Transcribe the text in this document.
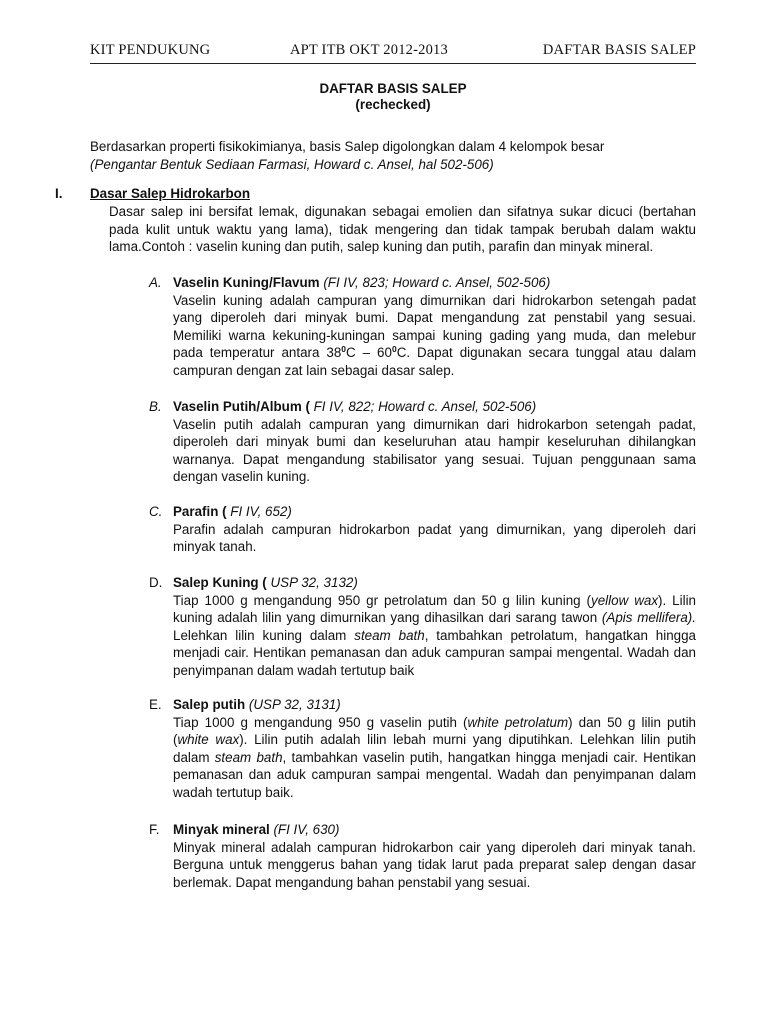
KIT PENDUKUNG	APT ITB OKT 2012-2013	DAFTAR BASIS SALEP
DAFTAR BASIS SALEP
(rechecked)
Berdasarkan properti fisikokimianya, basis Salep digolongkan dalam 4 kelompok besar
(Pengantar Bentuk Sediaan Farmasi, Howard c. Ansel, hal 502-506)
I. Dasar Salep Hidrokarbon
Dasar salep ini bersifat lemak, digunakan sebagai emolien dan sifatnya sukar dicuci (bertahan pada kulit untuk waktu yang lama), tidak mengering dan tidak tampak berubah dalam waktu lama.Contoh : vaselin kuning dan putih, salep kuning dan putih, parafin dan minyak mineral.
A. Vaselin Kuning/Flavum (FI IV, 823; Howard c. Ansel, 502-506)
Vaselin kuning adalah campuran yang dimurnikan dari hidrokarbon setengah padat yang diperoleh dari minyak bumi. Dapat mengandung zat penstabil yang sesuai. Memiliki warna kekuning-kuningan sampai kuning gading yang muda, dan melebur pada temperatur antara $38^0C - 60^0C$. Dapat digunakan secara tunggal atau dalam campuran dengan zat lain sebagai dasar salep.
B. Vaselin Putih/Album ( FI IV, 822; Howard c. Ansel, 502-506)
Vaselin putih adalah campuran yang dimurnikan dari hidrokarbon setengah padat, diperoleh dari minyak bumi dan keseluruhan atau hampir keseluruhan dihilangkan warnanya. Dapat mengandung stabilisator yang sesuai. Tujuan penggunaan sama dengan vaselin kuning.
C. Parafin ( FI IV, 652)
Parafin adalah campuran hidrokarbon padat yang dimurnikan, yang diperoleh dari minyak tanah.
D. Salep Kuning ( USP 32, 3132)
Tiap 1000 g mengandung 950 gr petrolatum dan 50 g lilin kuning (yellow wax). Lilin kuning adalah lilin yang dimurnikan yang dihasilkan dari sarang tawon (Apis mellifera). Lelehkan lilin kuning dalam steam bath, tambahkan petrolatum, hangatkan hingga menjadi cair. Hentikan pemanasan dan aduk campuran sampai mengental. Wadah dan penyimpanan dalam wadah tertutup baik
E. Salep putih (USP 32, 3131)
Tiap 1000 g mengandung 950 g vaselin putih (white petrolatum) dan 50 g lilin putih (white wax). Lilin putih adalah lilin lebah murni yang diputihkan. Lelehkan lilin putih dalam steam bath, tambahkan vaselin putih, hangatkan hingga menjadi cair. Hentikan pemanasan dan aduk campuran sampai mengental. Wadah dan penyimpanan dalam wadah tertutup baik.
F. Minyak mineral (FI IV, 630)
Minyak mineral adalah campuran hidrokarbon cair yang diperoleh dari minyak tanah. Berguna untuk menggerus bahan yang tidak larut pada preparat salep dengan dasar berlemak. Dapat mengandung bahan penstabil yang sesuai.
